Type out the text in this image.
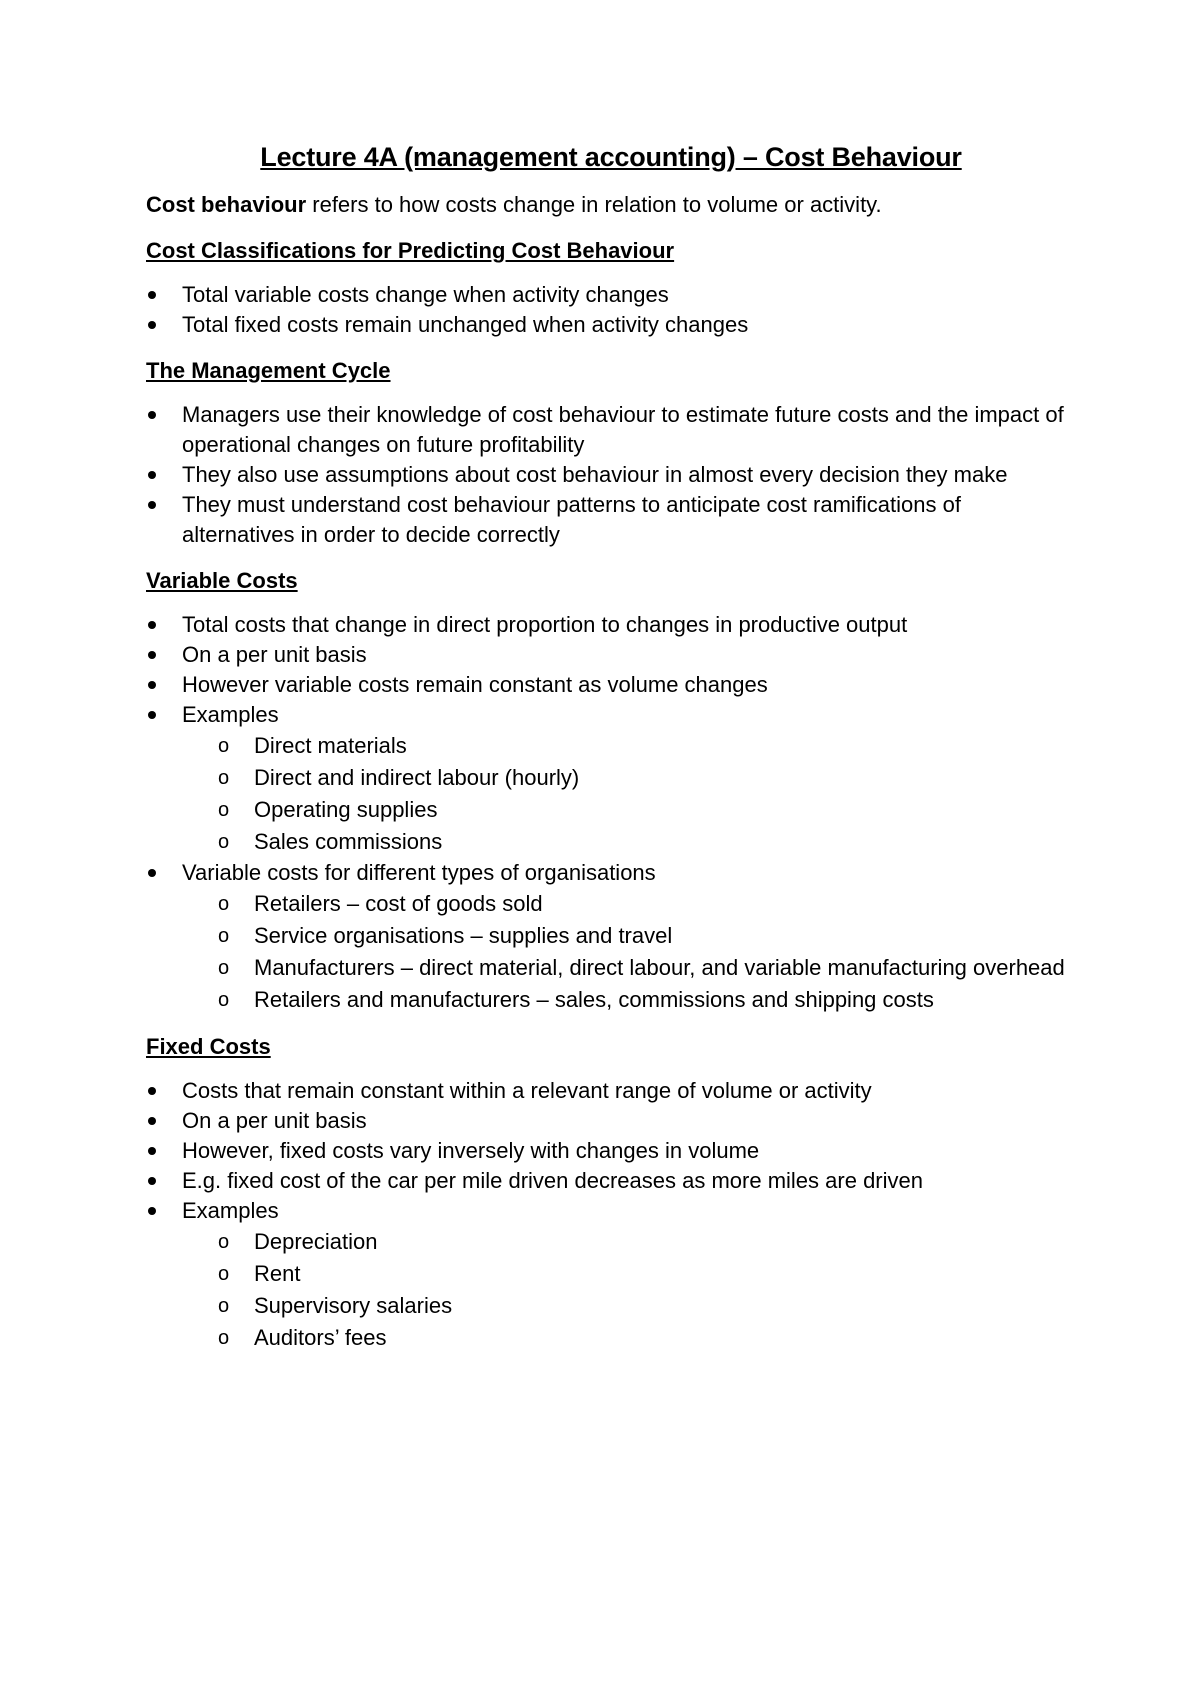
Lecture 4A (management accounting) – Cost Behaviour

Cost behaviour refers to how costs change in relation to volume or activity.

Cost Classifications for Predicting Cost Behaviour
Total variable costs change when activity changes
Total fixed costs remain unchanged when activity changes
The Management Cycle
Managers use their knowledge of cost behaviour to estimate future costs and the impact of operational changes on future profitability
They also use assumptions about cost behaviour in almost every decision they make
They must understand cost behaviour patterns to anticipate cost ramifications of alternatives in order to decide correctly
Variable Costs
Total costs that change in direct proportion to changes in productive output
On a per unit basis
However variable costs remain constant as volume changes
Examples
o Direct materials
o Direct and indirect labour (hourly)
o Operating supplies
o Sales commissions
Variable costs for different types of organisations
o Retailers – cost of goods sold
o Service organisations – supplies and travel
o Manufacturers – direct material, direct labour, and variable manufacturing overhead
o Retailers and manufacturers – sales, commissions and shipping costs
Fixed Costs
Costs that remain constant within a relevant range of volume or activity
On a per unit basis
However, fixed costs vary inversely with changes in volume
E.g. fixed cost of the car per mile driven decreases as more miles are driven
Examples
o Depreciation
o Rent
o Supervisory salaries
o Auditors’ fees
